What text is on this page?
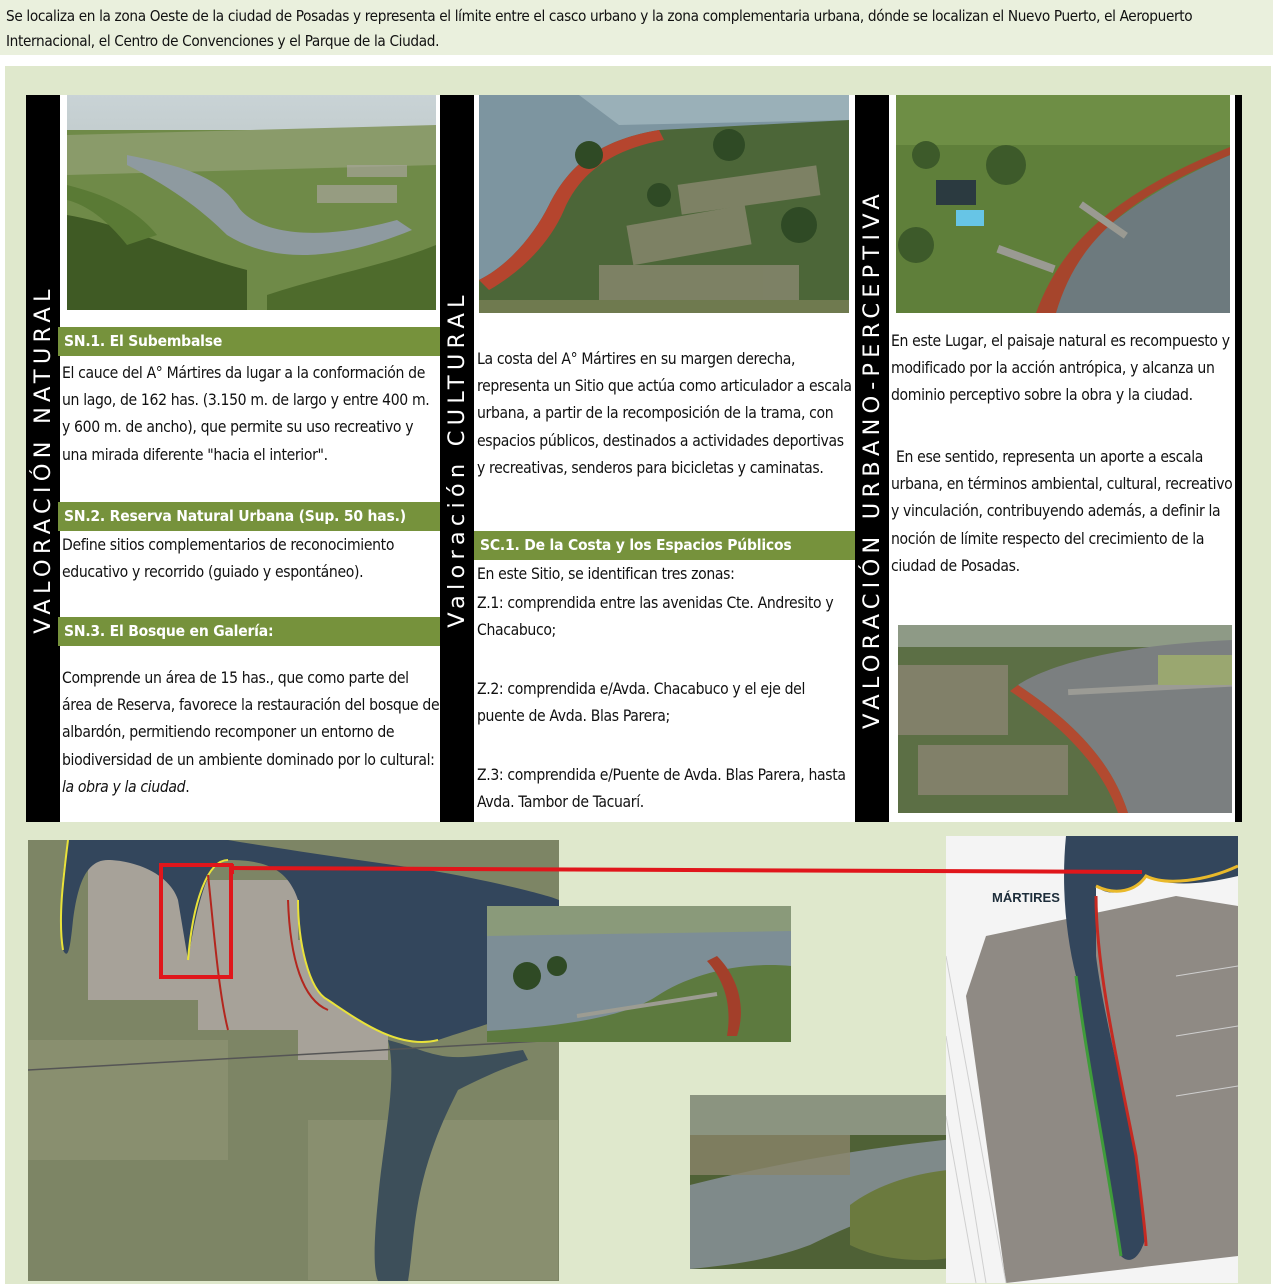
Se localiza en la zona Oeste de la ciudad de Posadas y representa el límite entre el casco urbano y la zona complementaria urbana, dónde se localizan el Nuevo Puerto, el Aeropuerto Internacional, el Centro de Convenciones y el Parque de la Ciudad.
VALORACIÓN NATURAL SN.1. El Subembalse
El cauce del A° Mártires da lugar a la conformación de un lago, de 162 has. (3.150 m. de largo y entre 400 m. y 600 m. de ancho), que permite su uso recreativo y una mirada diferente "hacia el interior".
SN.2. Reserva Natural Urbana (Sup. 50 has.)
Define sitios complementarios de reconocimiento educativo y recorrido (guiado y espontáneo).
SN.3. El Bosque en Galería:
Comprende un área de 15 has., que como parte del área de Reserva, favorece la restauración del bosque de albardón, permitiendo recomponer un entorno de biodiversidad de un ambiente dominado por lo cultural: la obra y la ciudad.
Valoración CULTURAL La costa del A° Mártires en su margen derecha, representa un Sitio que actúa como articulador a escala urbana, a partir de la recomposición de la trama, con espacios públicos, destinados a actividades deportivas y recreativas, senderos para bicicletas y caminatas.
SC.1. De la Costa y los Espacios Públicos
En este Sitio, se identifican tres zonas:
Z.1: comprendida entre las avenidas Cte. Andresito y Chacabuco;
Z.2: comprendida e/Avda. Chacabuco y el eje del puente de Avda. Blas Parera;
Z.3: comprendida e/Puente de Avda. Blas Parera, hasta Avda. Tambor de Tacuarí.
VALORACIÓN URBANO-PERCEPTIVA En este Lugar, el paisaje natural es recompuesto y modificado por la acción antrópica, y alcanza un dominio perceptivo sobre la obra y la ciudad.
En ese sentido, representa un aporte a escala urbana, en términos ambiental, cultural, recreativo y vinculación, contribuyendo además, a definir la noción de límite respecto del crecimiento de la ciudad de Posadas.
MÁRTIRES
